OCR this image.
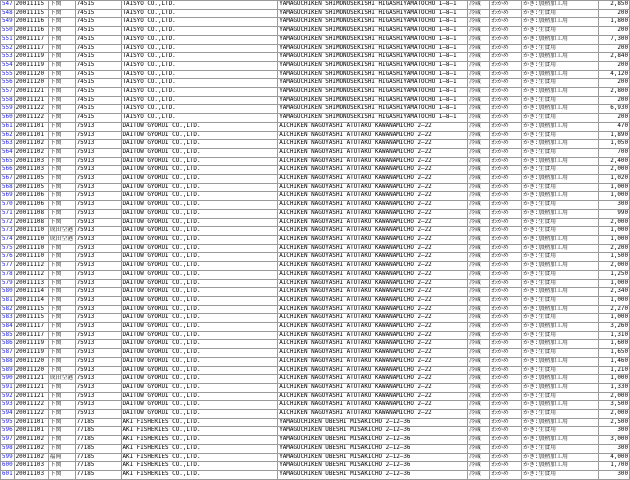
547	20011115	下関	74515	TAISYO CO.,LTD.	YAMAGUCHIKEN SHIMONOSEKISHI HIGASHIYAMATOCHO 1―8―1	冷蔵	わかめ	かき:加熱加工用	2,850
548	20011115	下関	74515	TAISYO CO.,LTD.	YAMAGUCHIKEN SHIMONOSEKISHI HIGASHIYAMATOCHO 1―8―1	冷蔵	わかめ	かき:生食用	200
549	20011116	下関	74515	TAISYO CO.,LTD.	YAMAGUCHIKEN SHIMONOSEKISHI HIGASHIYAMATOCHO 1―8―1	冷蔵	わかめ	かき:加熱加工用	1,800
550	20011116	下関	74515	TAISYO CO.,LTD.	YAMAGUCHIKEN SHIMONOSEKISHI HIGASHIYAMATOCHO 1―8―1	冷蔵	わかめ	かき:生食用	200
551	20011117	下関	74515	TAISYO CO.,LTD.	YAMAGUCHIKEN SHIMONOSEKISHI HIGASHIYAMATOCHO 1―8―1	冷蔵	わかめ	かき:加熱加工用	7,300
552	20011117	下関	74515	TAISYO CO.,LTD.	YAMAGUCHIKEN SHIMONOSEKISHI HIGASHIYAMATOCHO 1―8―1	冷蔵	わかめ	かき:生食用	200
553	20011119	下関	74515	TAISYO CO.,LTD.	YAMAGUCHIKEN SHIMONOSEKISHI HIGASHIYAMATOCHO 1―8―1	冷蔵	わかめ	かき:加熱加工用	2,840
554	20011119	下関	74515	TAISYO CO.,LTD.	YAMAGUCHIKEN SHIMONOSEKISHI HIGASHIYAMATOCHO 1―8―1	冷蔵	わかめ	かき:生食用	200
555	20011120	下関	74515	TAISYO CO.,LTD.	YAMAGUCHIKEN SHIMONOSEKISHI HIGASHIYAMATOCHO 1―8―1	冷蔵	わかめ	かき:加熱加工用	4,120
556	20011120	下関	74515	TAISYO CO.,LTD.	YAMAGUCHIKEN SHIMONOSEKISHI HIGASHIYAMATOCHO 1―8―1	冷蔵	わかめ	かき:生食用	200
557	20011121	下関	74515	TAISYO CO.,LTD.	YAMAGUCHIKEN SHIMONOSEKISHI HIGASHIYAMATOCHO 1―8―1	冷蔵	わかめ	かき:加熱加工用	2,800
558	20011121	下関	74515	TAISYO CO.,LTD.	YAMAGUCHIKEN SHIMONOSEKISHI HIGASHIYAMATOCHO 1―8―1	冷蔵	わかめ	かき:生食用	200
559	20011122	下関	74515	TAISYO CO.,LTD.	YAMAGUCHIKEN SHIMONOSEKISHI HIGASHIYAMATOCHO 1―8―1	冷蔵	わかめ	かき:加熱加工用	6,930
560	20011122	下関	74515	TAISYO CO.,LTD.	YAMAGUCHIKEN SHIMONOSEKISHI HIGASHIYAMATOCHO 1―8―1	冷蔵	わかめ	かき:生食用	200
561	20011101	下関	75913	DAITOW GYORUI CO.,LTD.	AICHIKEN NAGOYASHI ATUTAKU KAWANAMICHO 2―22	冷蔵	わかめ	かき:加熱加工用	470
562	20011101	下関	75913	DAITOW GYORUI CO.,LTD.	AICHIKEN NAGOYASHI ATUTAKU KAWANAMICHO 2―22	冷蔵	わかめ	かき:生食用	1,890
563	20011102	下関	75913	DAITOW GYORUI CO.,LTD.	AICHIKEN NAGOYASHI ATUTAKU KAWANAMICHO 2―22	冷蔵	わかめ	かき:加熱加工用	1,050
564	20011102	下関	75913	DAITOW GYORUI CO.,LTD.	AICHIKEN NAGOYASHI ATUTAKU KAWANAMICHO 2―22	冷蔵	わかめ	かき:生食用	700
565	20011103	下関	75913	DAITOW GYORUI CO.,LTD.	AICHIKEN NAGOYASHI ATUTAKU KAWANAMICHO 2―22	冷蔵	わかめ	かき:加熱加工用	2,400
566	20011103	下関	75913	DAITOW GYORUI CO.,LTD.	AICHIKEN NAGOYASHI ATUTAKU KAWANAMICHO 2―22	冷蔵	わかめ	かき:生食用	2,000
567	20011105	下関	75913	DAITOW GYORUI CO.,LTD.	AICHIKEN NAGOYASHI ATUTAKU KAWANAMICHO 2―22	冷蔵	わかめ	かき:加熱加工用	1,020
568	20011105	下関	75913	DAITOW GYORUI CO.,LTD.	AICHIKEN NAGOYASHI ATUTAKU KAWANAMICHO 2―22	冷蔵	わかめ	かき:生食用	1,000
569	20011106	下関	75913	DAITOW GYORUI CO.,LTD.	AICHIKEN NAGOYASHI ATUTAKU KAWANAMICHO 2―22	冷蔵	わかめ	かき:加熱加工用	1,000
570	20011106	下関	75913	DAITOW GYORUI CO.,LTD.	AICHIKEN NAGOYASHI ATUTAKU KAWANAMICHO 2―22	冷蔵	わかめ	かき:生食用	300
571	20011108	下関	75913	DAITOW GYORUI CO.,LTD.	AICHIKEN NAGOYASHI ATUTAKU KAWANAMICHO 2―22	冷蔵	わかめ	かき:加熱加工用	990
572	20011108	下関	75913	DAITOW GYORUI CO.,LTD.	AICHIKEN NAGOYASHI ATUTAKU KAWANAMICHO 2―22	冷蔵	わかめ	かき:生食用	2,000
573	20011110	成田空港	75913	DAITOW GYORUI CO.,LTD.	AICHIKEN NAGOYASHI ATUTAKU KAWANAMICHO 2―22	冷蔵	わかめ	かき:生食用	1,000
574	20011110	成田空港	75913	DAITOW GYORUI CO.,LTD.	AICHIKEN NAGOYASHI ATUTAKU KAWANAMICHO 2―22	冷蔵	わかめ	かき:加熱加工用	1,000
575	20011110	下関	75913	DAITOW GYORUI CO.,LTD.	AICHIKEN NAGOYASHI ATUTAKU KAWANAMICHO 2―22	冷蔵	わかめ	かき:加熱加工用	2,200
576	20011110	下関	75913	DAITOW GYORUI CO.,LTD.	AICHIKEN NAGOYASHI ATUTAKU KAWANAMICHO 2―22	冷蔵	わかめ	かき:生食用	1,500
577	20011112	下関	75913	DAITOW GYORUI CO.,LTD.	AICHIKEN NAGOYASHI ATUTAKU KAWANAMICHO 2―22	冷蔵	わかめ	かき:加熱加工用	2,000
578	20011112	下関	75913	DAITOW GYORUI CO.,LTD.	AICHIKEN NAGOYASHI ATUTAKU KAWANAMICHO 2―22	冷蔵	わかめ	かき:生食用	1,250
579	20011113	下関	75913	DAITOW GYORUI CO.,LTD.	AICHIKEN NAGOYASHI ATUTAKU KAWANAMICHO 2―22	冷蔵	わかめ	かき:生食用	1,000
580	20011114	下関	75913	DAITOW GYORUI CO.,LTD.	AICHIKEN NAGOYASHI ATUTAKU KAWANAMICHO 2―22	冷蔵	わかめ	かき:加熱加工用	2,340
581	20011114	下関	75913	DAITOW GYORUI CO.,LTD.	AICHIKEN NAGOYASHI ATUTAKU KAWANAMICHO 2―22	冷蔵	わかめ	かき:生食用	1,000
582	20011115	下関	75913	DAITOW GYORUI CO.,LTD.	AICHIKEN NAGOYASHI ATUTAKU KAWANAMICHO 2―22	冷蔵	わかめ	かき:加熱加工用	2,270
583	20011115	下関	75913	DAITOW GYORUI CO.,LTD.	AICHIKEN NAGOYASHI ATUTAKU KAWANAMICHO 2―22	冷蔵	わかめ	かき:生食用	1,000
584	20011117	下関	75913	DAITOW GYORUI CO.,LTD.	AICHIKEN NAGOYASHI ATUTAKU KAWANAMICHO 2―22	冷蔵	わかめ	かき:加熱加工用	3,260
585	20011117	下関	75913	DAITOW GYORUI CO.,LTD.	AICHIKEN NAGOYASHI ATUTAKU KAWANAMICHO 2―22	冷蔵	わかめ	かき:生食用	1,310
586	20011119	下関	75913	DAITOW GYORUI CO.,LTD.	AICHIKEN NAGOYASHI ATUTAKU KAWANAMICHO 2―22	冷蔵	わかめ	かき:加熱加工用	1,600
587	20011119	下関	75913	DAITOW GYORUI CO.,LTD.	AICHIKEN NAGOYASHI ATUTAKU KAWANAMICHO 2―22	冷蔵	わかめ	かき:生食用	1,650
588	20011120	下関	75913	DAITOW GYORUI CO.,LTD.	AICHIKEN NAGOYASHI ATUTAKU KAWANAMICHO 2―22	冷蔵	わかめ	かき:加熱加工用	1,460
589	20011120	下関	75913	DAITOW GYORUI CO.,LTD.	AICHIKEN NAGOYASHI ATUTAKU KAWANAMICHO 2―22	冷蔵	わかめ	かき:生食用	1,210
590	20011121	成田空港	75913	DAITOW GYORUI CO.,LTD.	AICHIKEN NAGOYASHI ATUTAKU KAWANAMICHO 2―22	冷蔵	わかめ	かき:加熱加工用	1,000
591	20011121	下関	75913	DAITOW GYORUI CO.,LTD.	AICHIKEN NAGOYASHI ATUTAKU KAWANAMICHO 2―22	冷蔵	わかめ	かき:加熱加工用	1,330
592	20011121	下関	75913	DAITOW GYORUI CO.,LTD.	AICHIKEN NAGOYASHI ATUTAKU KAWANAMICHO 2―22	冷蔵	わかめ	かき:生食用	2,000
593	20011122	下関	75913	DAITOW GYORUI CO.,LTD.	AICHIKEN NAGOYASHI ATUTAKU KAWANAMICHO 2―22	冷蔵	わかめ	かき:加熱加工用	3,500
594	20011122	下関	75913	DAITOW GYORUI CO.,LTD.	AICHIKEN NAGOYASHI ATUTAKU KAWANAMICHO 2―22	冷蔵	わかめ	かき:生食用	2,000
595	20011101	下関	77185	AKI FISHERIES CO.,LTD.	YAMAGUCHIKEN UBESHI MISAKICHO 2―12―36	冷蔵	わかめ	かき:加熱加工用	2,500
596	20011101	下関	77185	AKI FISHERIES CO.,LTD.	YAMAGUCHIKEN UBESHI MISAKICHO 2―12―36	冷蔵	わかめ	かき:生食用	300
597	20011102	下関	77185	AKI FISHERIES CO.,LTD.	YAMAGUCHIKEN UBESHI MISAKICHO 2―12―36	冷蔵	わかめ	かき:加熱加工用	3,000
598	20011102	下関	77185	AKI FISHERIES CO.,LTD.	YAMAGUCHIKEN UBESHI MISAKICHO 2―12―36	冷蔵	わかめ	かき:生食用	300
599	20011102	福岡	77185	AKI FISHERIES CO.,LTD.	YAMAGUCHIKEN UBESHI MISAKICHO 2―12―36	冷蔵	わかめ	かき:加熱加工用	4,000
600	20011103	下関	77185	AKI FISHERIES CO.,LTD.	YAMAGUCHIKEN UBESHI MISAKICHO 2―12―36	冷蔵	わかめ	かき:加熱加工用	1,700
601	20011103	下関	77185	AKI FISHERIES CO.,LTD.	YAMAGUCHIKEN UBESHI MISAKICHO 2―12―36	冷蔵	わかめ	かき:生食用	300
